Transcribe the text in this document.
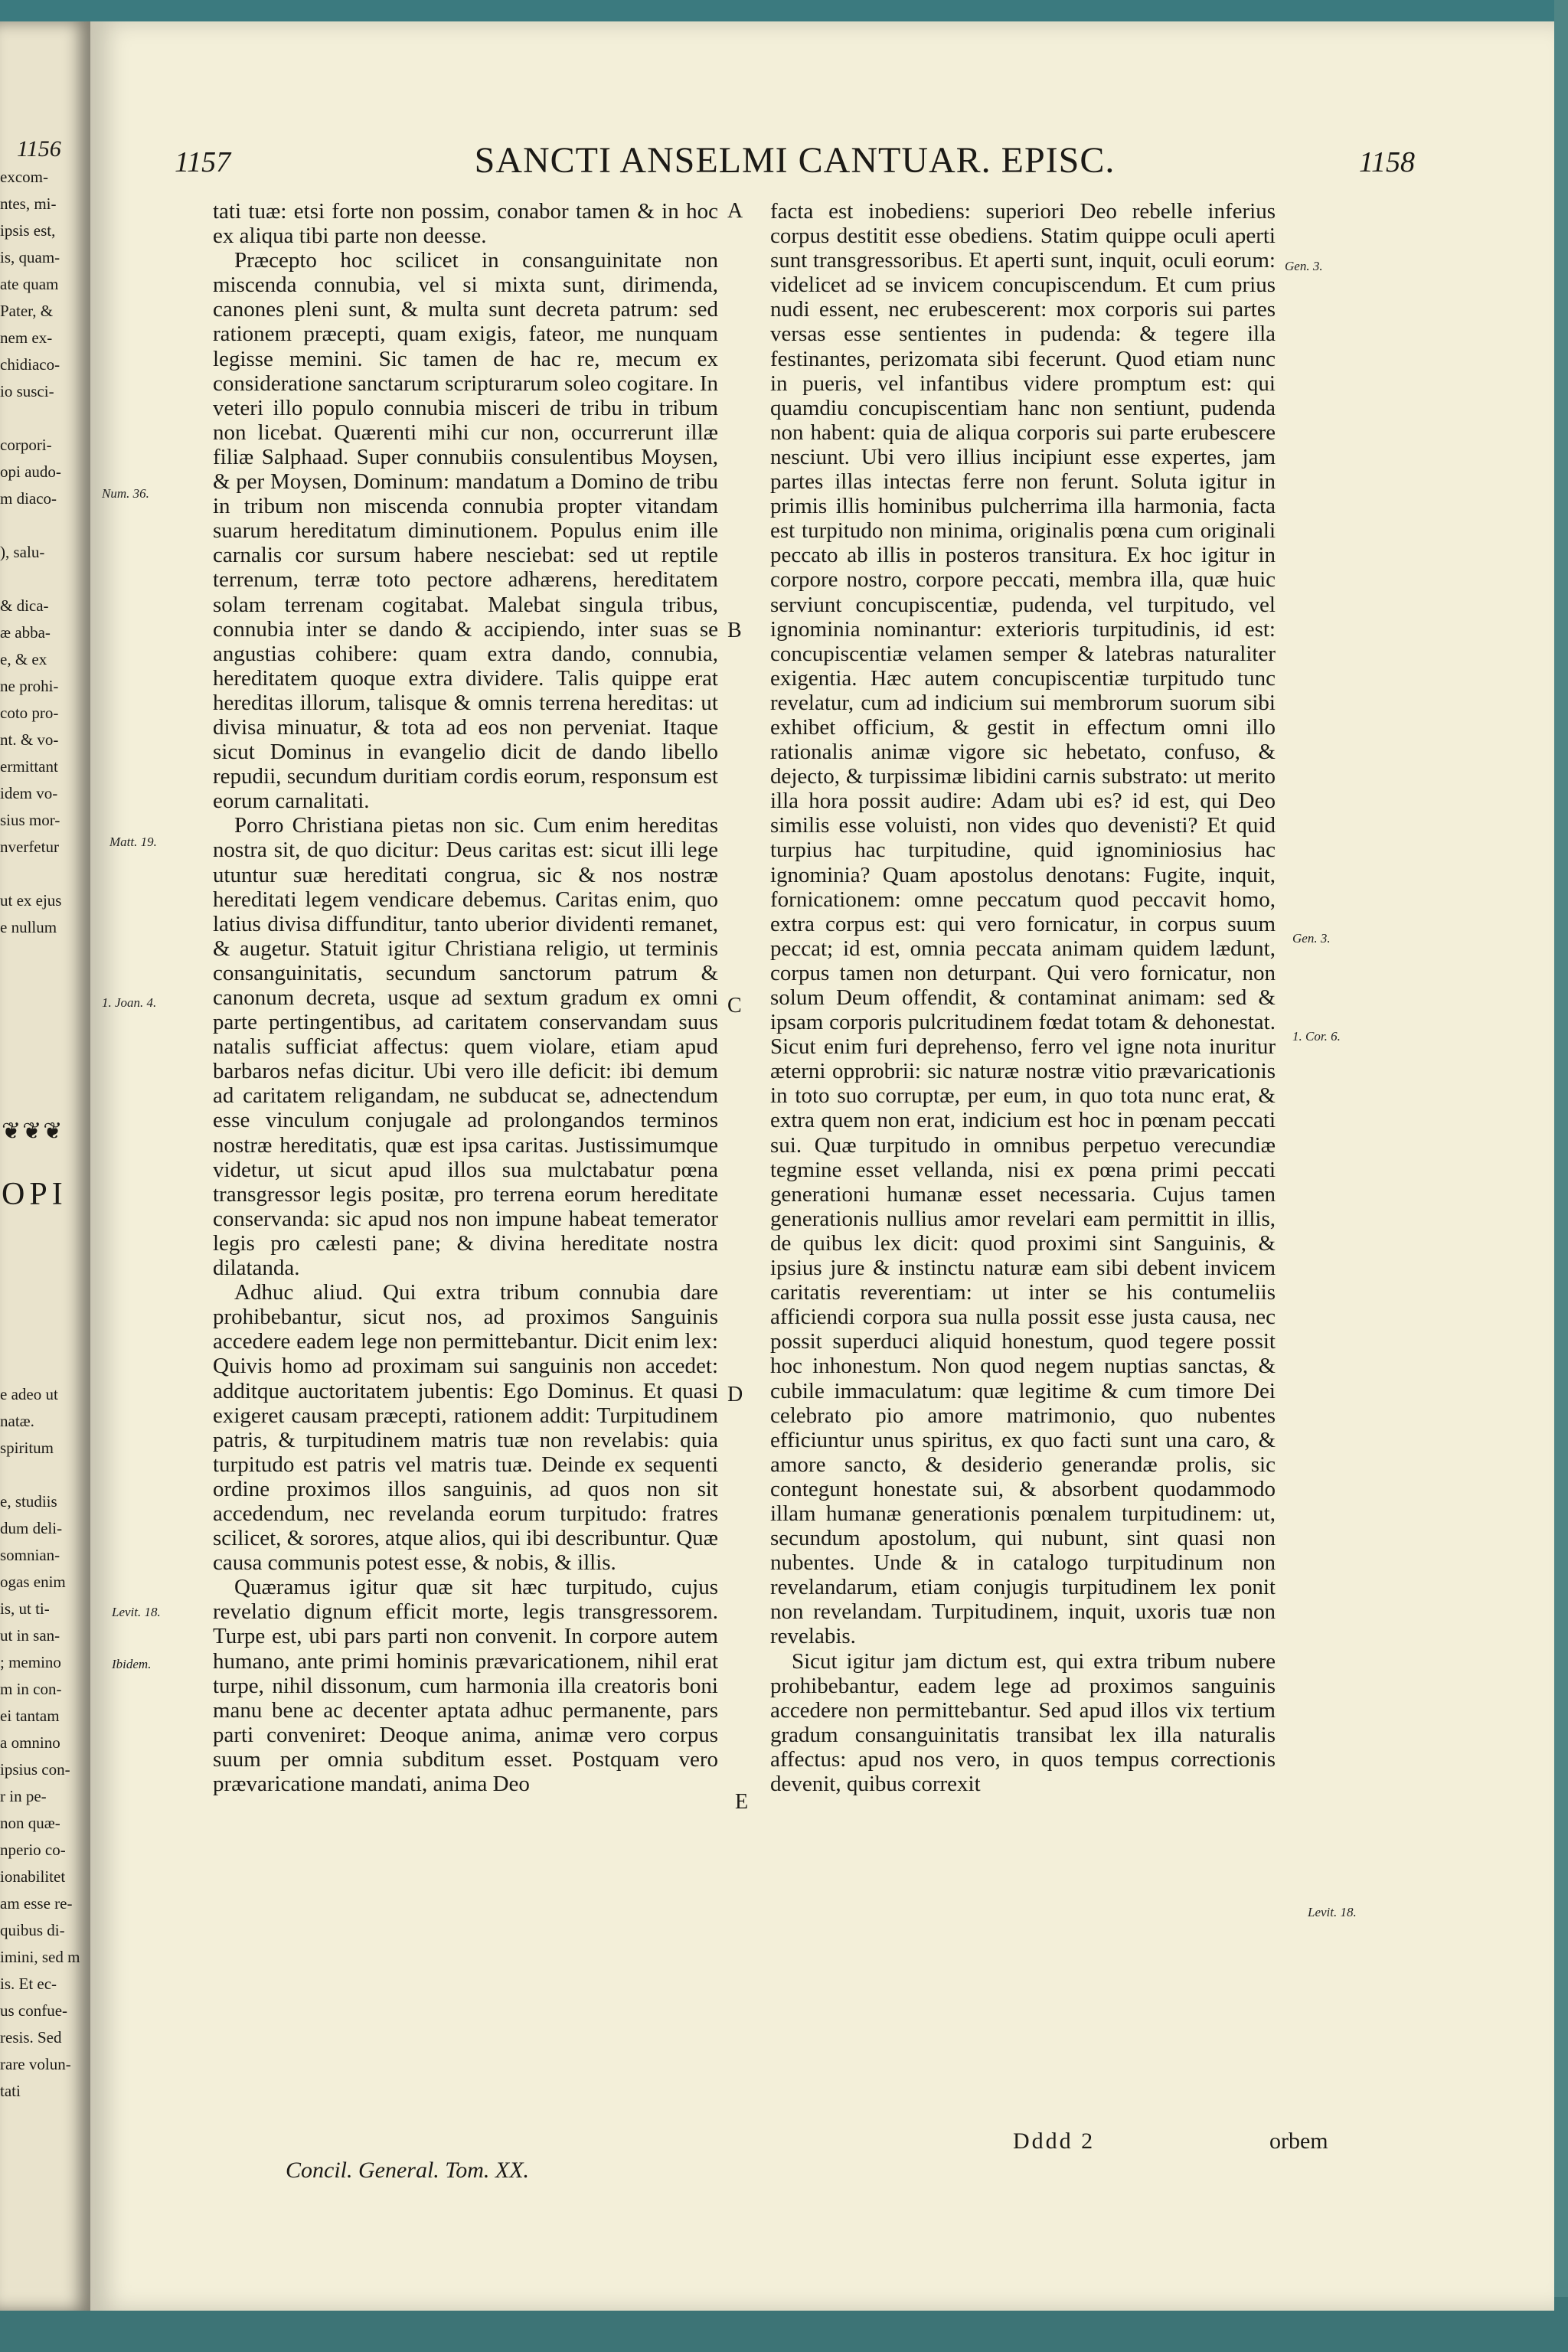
1156
excom-
ntes, mi-
ipsis est,
is, quam-
ate quam
Pater, &
nem ex-
chidiaco-
io susci-
corpori-
opi audo-
m diaco-
), salu-
& dica-
æ abba-
e, & ex
ne prohi-
coto pro-
nt. & vo-
ermittant
idem vo-
sius mor-
nverfetur
ut ex ejus
e nullum
❦❦❦
OPI
e adeo ut
natæ.
spiritum
e, studiis
dum deli-
somnian-
ogas enim
is, ut ti-
ut in san-
; memino
m in con-
ei tantam
a omnino
ipsius con-
r in pe-
non quæ-
nperio co-
ionabilitet
am esse re-
quibus di-
imini, sed m
is. Et ec-
us confue-
resis. Sed
rare volun-
tati
1157	SANCTI ANSELMI CANTUAR. EPISC.	1158

tati tuæ: etsi forte non possim, conabor tamen & in hoc ex aliqua tibi parte non deesse.

Præcepto hoc scilicet in consanguinitate non miscenda connubia, vel si mixta sunt, dirimenda, canones pleni sunt, & multa sunt decreta patrum: sed rationem præcepti, quam exigis, fateor, me nunquam legisse memini. Sic tamen de hac re, mecum ex consideratione sanctarum scripturarum soleo cogitare. In veteri illo populo connubia misceri de tribu in tribum non licebat. Quærenti mihi cur non, occurrerunt illæ filiæ Salphaad. Super connubiis consulentibus Moysen, & per Moysen, Dominum: mandatum a Domino de tribu in tribum non miscenda connubia propter vitandam suarum hereditatum diminutionem. Populus enim ille carnalis cor sursum habere nesciebat: sed ut reptile terrenum, terræ toto pectore adhærens, hereditatem solam terrenam cogitabat. Malebat singula tribus, connubia inter se dando & accipiendo, inter suas se angustias cohibere: quam extra dando, connubia, hereditatem quoque extra dividere. Talis quippe erat hereditas illorum, talisque & omnis terrena hereditas: ut divisa minuatur, & tota ad eos non perveniat. Itaque sicut Dominus in evangelio dicit de dando libello repudii, secundum duritiam cordis eorum, responsum est eorum carnalitati.

Porro Christiana pietas non sic. Cum enim hereditas nostra sit, de quo dicitur: Deus caritas est: sicut illi lege utuntur suæ hereditati congrua, sic & nos nostræ hereditati legem vendicare debemus. Caritas enim, quo latius divisa diffunditur, tanto uberior dividenti remanet, & augetur. Statuit igitur Christiana religio, ut terminis consanguinitatis, secundum sanctorum patrum & canonum decreta, usque ad sextum gradum ex omni parte pertingentibus, ad caritatem conservandam suus natalis sufficiat affectus: quem violare, etiam apud barbaros nefas dicitur. Ubi vero ille deficit: ibi demum ad caritatem religandam, ne subducat se, adnectendum esse vinculum conjugale ad prolongandos terminos nostræ hereditatis, quæ est ipsa caritas. Justissimumque videtur, ut sicut apud illos sua mulctabatur pœna transgressor legis positæ, pro terrena eorum hereditate conservanda: sic apud nos non impune habeat temerator legis pro cælesti pane; & divina hereditate nostra dilatanda.

Adhuc aliud. Qui extra tribum connubia dare prohibebantur, sicut nos, ad proximos Sanguinis accedere eadem lege non permittebantur. Dicit enim lex: Quivis homo ad proximam sui sanguinis non accedet: additque auctoritatem jubentis: Ego Dominus. Et quasi exigeret causam præcepti, rationem addit: Turpitudinem patris, & turpitudinem matris tuæ non revelabis: quia turpitudo est patris vel matris tuæ. Deinde ex sequenti ordine proximos illos sanguinis, ad quos non sit accedendum, nec revelanda eorum turpitudo: fratres scilicet, & sorores, atque alios, qui ibi describuntur. Quæ causa communis potest esse, & nobis, & illis.

Quæramus igitur quæ sit hæc turpitudo, cujus revelatio dignum efficit morte, legis transgressorem. Turpe est, ubi pars parti non convenit. In corpore autem humano, ante primi hominis prævaricationem, nihil erat turpe, nihil dissonum, cum harmonia illa creatoris boni manu bene ac decenter aptata adhuc permanente, pars parti conveniret: Deoque anima, animæ vero corpus suum per omnia subditum esset. Postquam vero prævaricatione mandati, anima Deo

facta est inobediens: superiori Deo rebelle inferius corpus destitit esse obediens. Statim quippe oculi aperti sunt transgressoribus. Et aperti sunt, inquit, oculi eorum: videlicet ad se invicem concupiscendum. Et cum prius nudi essent, nec erubescerent: mox corporis sui partes versas esse sentientes in pudenda: & tegere illa festinantes, perizomata sibi fecerunt. Quod etiam nunc in pueris, vel infantibus videre promptum est: qui quamdiu concupiscentiam hanc non sentiunt, pudenda non habent: quia de aliqua corporis sui parte erubescere nesciunt. Ubi vero illius incipiunt esse expertes, jam partes illas intectas ferre non ferunt. Soluta igitur in primis illis hominibus pulcherrima illa harmonia, facta est turpitudo non minima, originalis pœna cum originali peccato ab illis in posteros transitura. Ex hoc igitur in corpore nostro, corpore peccati, membra illa, quæ huic serviunt concupiscentiæ, pudenda, vel turpitudo, vel ignominia nominantur: exterioris turpitudinis, id est: concupiscentiæ velamen semper & latebras naturaliter exigentia. Hæc autem concupiscentiæ turpitudo tunc revelatur, cum ad indicium sui membrorum suorum sibi exhibet officium, & gestit in effectum omni illo rationalis animæ vigore sic hebetato, confuso, & dejecto, & turpissimæ libidini carnis substrato: ut merito illa hora possit audire: Adam ubi es? id est, qui Deo similis esse voluisti, non vides quo devenisti? Et quid turpius hac turpitudine, quid ignominiosius hac ignominia? Quam apostolus denotans: Fugite, inquit, fornicationem: omne peccatum quod peccavit homo, extra corpus est: qui vero fornicatur, in corpus suum peccat; id est, omnia peccata animam quidem lædunt, corpus tamen non deturpant. Qui vero fornicatur, non solum Deum offendit, & contaminat animam: sed & ipsam corporis pulcritudinem fœdat totam & dehonestat. Sicut enim furi deprehenso, ferro vel igne nota inuritur æterni opprobrii: sic naturæ nostræ vitio prævaricationis in toto suo corruptæ, per eum, in quo tota nunc erat, & extra quem non erat, indicium est hoc in pœnam peccati sui. Quæ turpitudo in omnibus perpetuo verecundiæ tegmine esset vellanda, nisi ex pœna primi peccati generationi humanæ esset necessaria. Cujus tamen generationis nullius amor revelari eam permittit in illis, de quibus lex dicit: quod proximi sint Sanguinis, & ipsius jure & instinctu naturæ eam sibi debent invicem caritatis reverentiam: ut inter se his contumeliis afficiendi corpora sua nulla possit esse justa causa, nec possit superduci aliquid honestum, quod tegere possit hoc inhonestum. Non quod negem nuptias sanctas, & cubile immaculatum: quæ legitime & cum timore Dei celebrato pio amore matrimonio, quo nubentes efficiuntur unus spiritus, ex quo facti sunt una caro, & amore sancto, & desiderio generandæ prolis, sic contegunt honestate sui, & absorbent quodammodo illam humanæ generationis pœnalem turpitudinem: ut, secundum apostolum, qui nubunt, sint quasi non nubentes. Unde & in catalogo turpitudinum non revelandarum, etiam conjugis turpitudinem lex ponit non revelandam. Turpitudinem, inquit, uxoris tuæ non revelabis.

Sicut igitur jam dictum est, qui extra tribum nubere prohibebantur, eadem lege ad proximos sanguinis accedere non permittebantur. Sed apud illos vix tertium gradum consanguinitatis transibat lex illa naturalis affectus: apud nos vero, in quos tempus correctionis devenit, quibus correxit

Num. 36.
Matt. 19.
1. Joan. 4.
Levit. 18.
Ibidem.
Gen. 3.
Gen. 3.
1. Cor. 6.
Levit. 18.
A
B
C
D
E
Concil. General. Tom. XX.
Dddd 2	orbem
